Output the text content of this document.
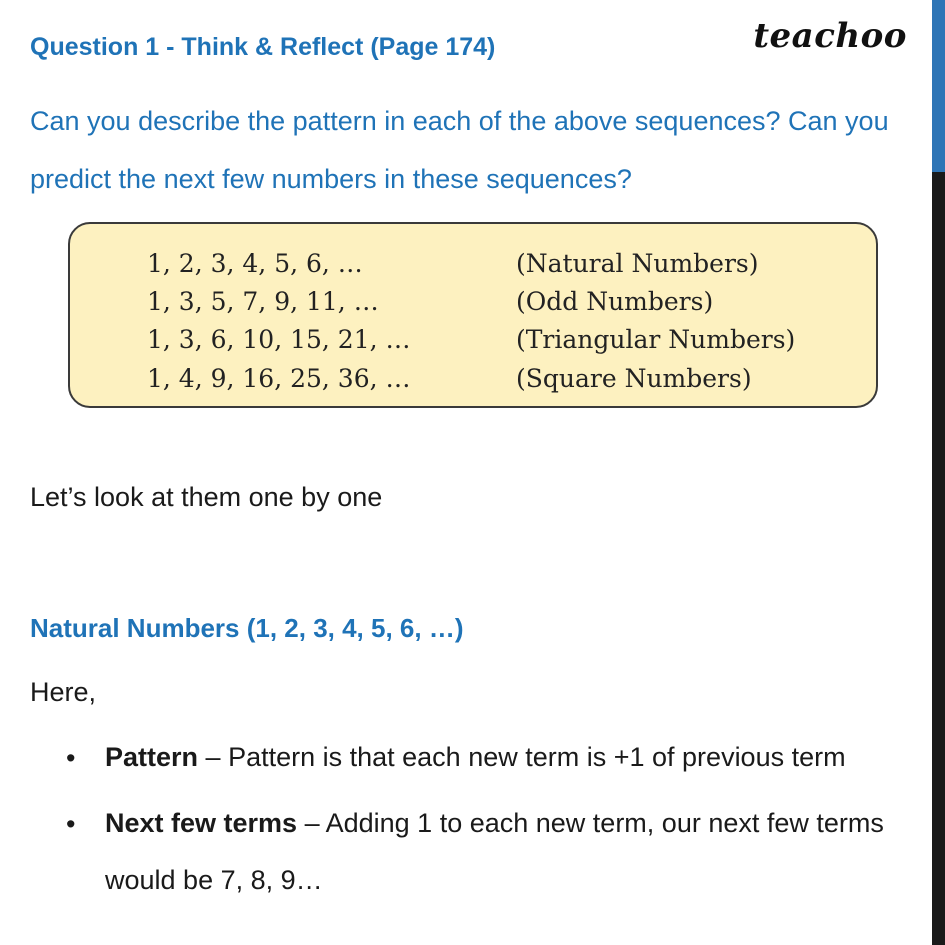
teachoo
Question 1 - Think & Reflect (Page 174)
Can you describe the pattern in each of the above sequences? Can you predict the next few numbers in these sequences?
1, 2, 3, 4, 5, 6, …	(Natural Numbers)
1, 3, 5, 7, 9, 11, …	(Odd Numbers)
1, 3, 6, 10, 15, 21, …	(Triangular Numbers)
1, 4, 9, 16, 25, 36, …	(Square Numbers)
Let’s look at them one by one
Natural Numbers (1, 2, 3, 4, 5, 6, …)
Here,
• Pattern – Pattern is that each new term is +1 of previous term
• Next few terms – Adding 1 to each new term, our next few terms would be 7, 8, 9…
